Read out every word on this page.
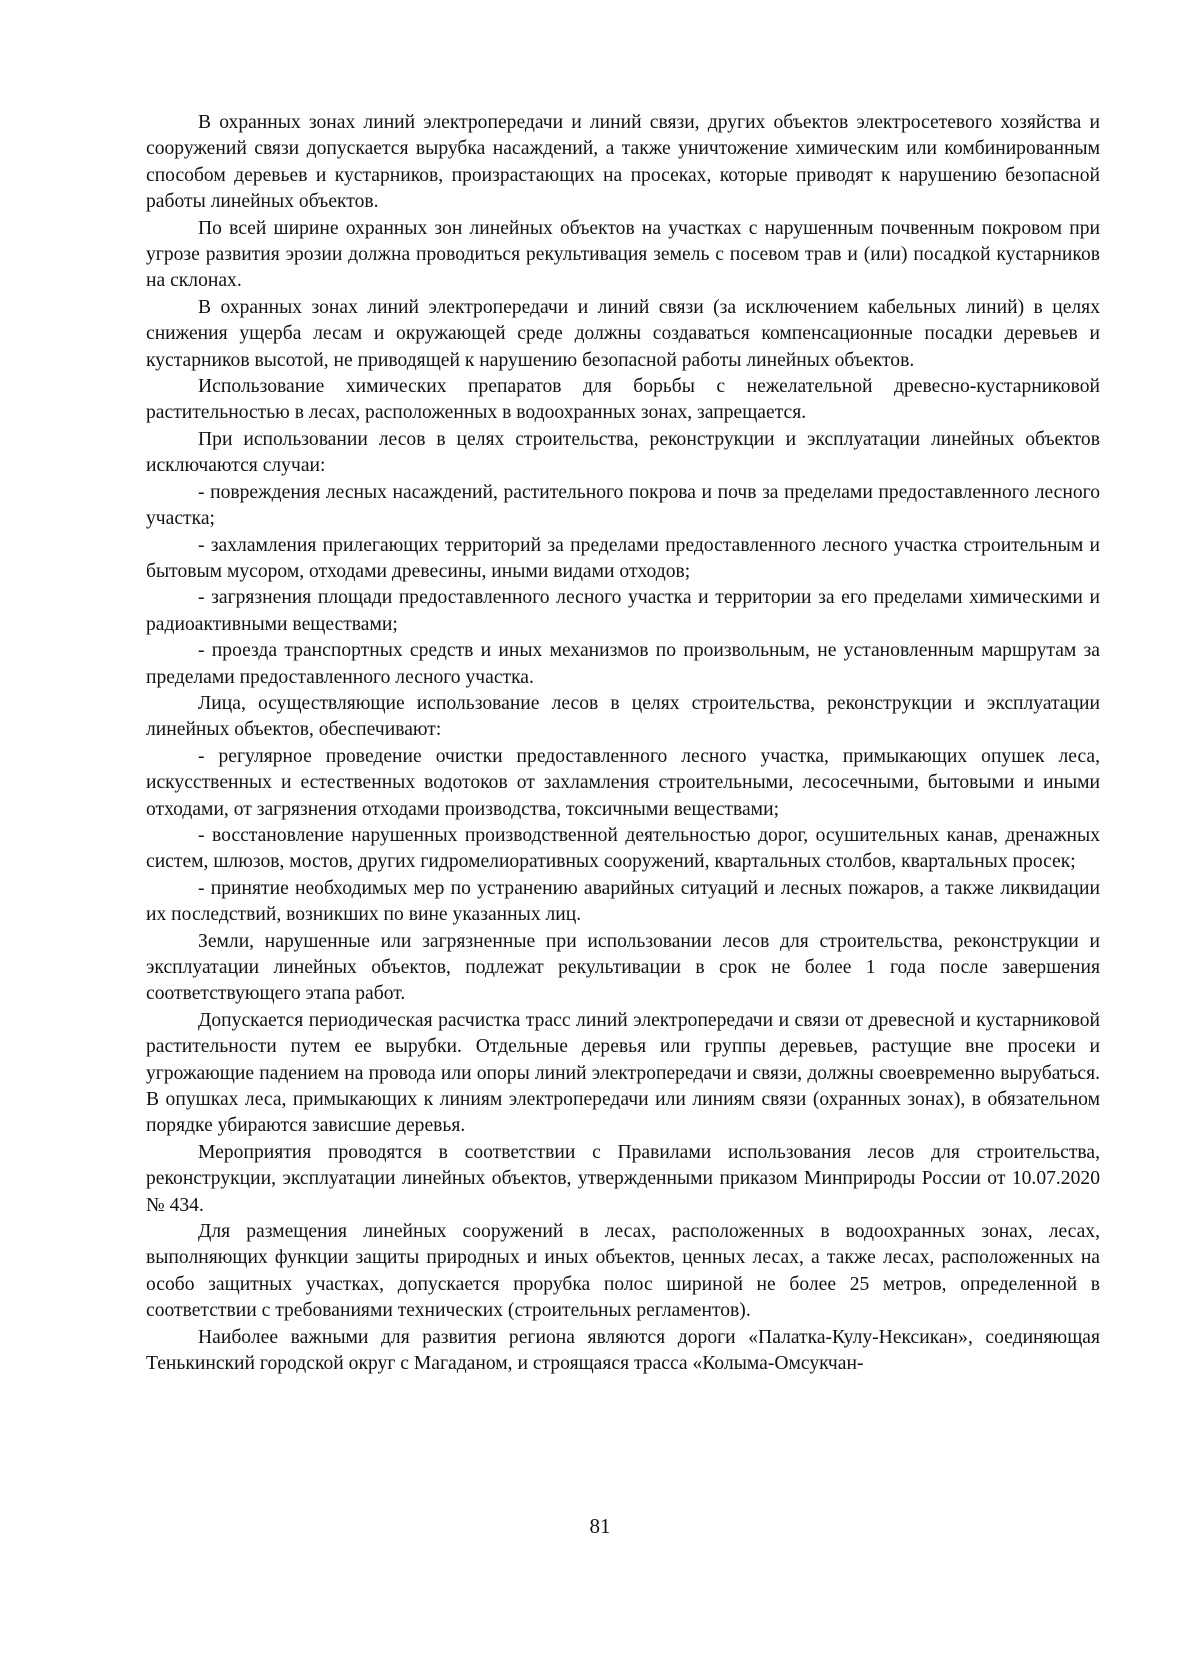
В охранных зонах линий электропередачи и линий связи, других объектов электросетевого хозяйства и сооружений связи допускается вырубка насаждений, а также уничтожение химическим или комбинированным способом деревьев и кустарников, произрастающих на просеках, которые приводят к нарушению безопасной работы линейных объектов.

По всей ширине охранных зон линейных объектов на участках с нарушенным почвенным покровом при угрозе развития эрозии должна проводиться рекультивация земель с посевом трав и (или) посадкой кустарников на склонах.

В охранных зонах линий электропередачи и линий связи (за исключением кабельных линий) в целях снижения ущерба лесам и окружающей среде должны создаваться компенсационные посадки деревьев и кустарников высотой, не приводящей к нарушению безопасной работы линейных объектов.

Использование химических препаратов для борьбы с нежелательной древесно-кустарниковой растительностью в лесах, расположенных в водоохранных зонах, запрещается.

При использовании лесов в целях строительства, реконструкции и эксплуатации линейных объектов исключаются случаи:

- повреждения лесных насаждений, растительного покрова и почв за пределами предоставленного лесного участка;

- захламления прилегающих территорий за пределами предоставленного лесного участка строительным и бытовым мусором, отходами древесины, иными видами отходов;

- загрязнения площади предоставленного лесного участка и территории за его пределами химическими и радиоактивными веществами;

- проезда транспортных средств и иных механизмов по произвольным, не установленным маршрутам за пределами предоставленного лесного участка.

Лица, осуществляющие использование лесов в целях строительства, реконструкции и эксплуатации линейных объектов, обеспечивают:

- регулярное проведение очистки предоставленного лесного участка, примыкающих опушек леса, искусственных и естественных водотоков от захламления строительными, лесосечными, бытовыми и иными отходами, от загрязнения отходами производства, токсичными веществами;

- восстановление нарушенных производственной деятельностью дорог, осушительных канав, дренажных систем, шлюзов, мостов, других гидромелиоративных сооружений, квартальных столбов, квартальных просек;

- принятие необходимых мер по устранению аварийных ситуаций и лесных пожаров, а также ликвидации их последствий, возникших по вине указанных лиц.

Земли, нарушенные или загрязненные при использовании лесов для строительства, реконструкции и эксплуатации линейных объектов, подлежат рекультивации в срок не более 1 года после завершения соответствующего этапа работ.

Допускается периодическая расчистка трасс линий электропередачи и связи от древесной и кустарниковой растительности путем ее вырубки. Отдельные деревья или группы деревьев, растущие вне просеки и угрожающие падением на провода или опоры линий электропередачи и связи, должны своевременно вырубаться. В опушках леса, примыкающих к линиям электропередачи или линиям связи (охранных зонах), в обязательном порядке убираются зависшие деревья.

Мероприятия проводятся в соответствии с Правилами использования лесов для строительства, реконструкции, эксплуатации линейных объектов, утвержденными приказом Минприроды России от 10.07.2020 № 434.

Для размещения линейных сооружений в лесах, расположенных в водоохранных зонах, лесах, выполняющих функции защиты природных и иных объектов, ценных лесах, а также лесах, расположенных на особо защитных участках, допускается прорубка полос шириной не более 25 метров, определенной в соответствии с требованиями технических (строительных регламентов).

Наиболее важными для развития региона являются дороги «Палатка-Кулу-Нексикан», соединяющая Тенькинский городской округ с Магаданом, и строящаяся трасса «Колыма-Омсукчан-

81
